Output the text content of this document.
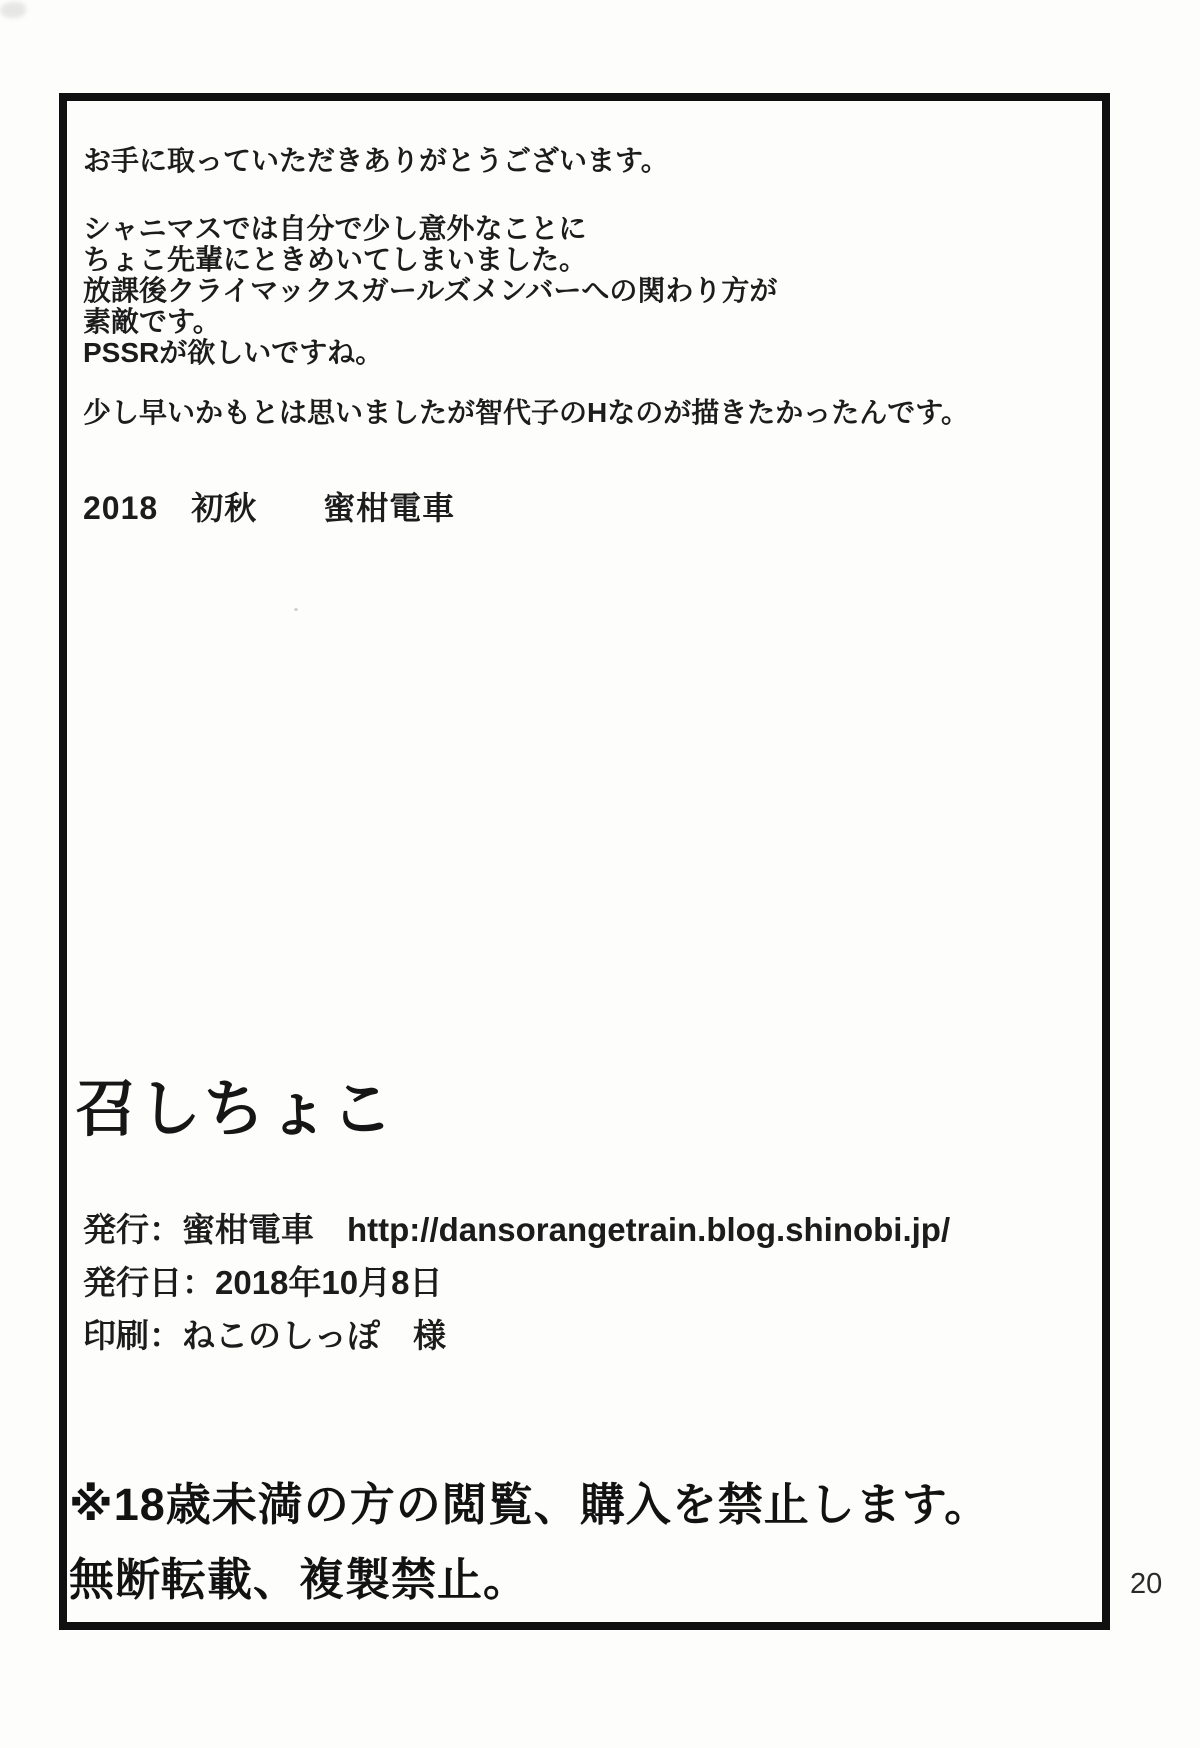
お手に取っていただきありがとうございます。
シャニマスでは自分で少し意外なことに
ちょこ先輩にときめいてしまいました。
放課後クライマックスガールズメンバーへの関わり方が
素敵です。
PSSRが欲しいですね。
少し早いかもとは思いましたが智代子のHなのが描きたかったんです。
2018　初秋　　蜜柑電車
召しちょこ
発行：蜜柑電車　http://dansorangetrain.blog.shinobi.jp/
発行日：2018年10月8日
印刷：ねこのしっぽ　様
※18歳未満の方の閲覧、購入を禁止します。
無断転載、複製禁止。	20
